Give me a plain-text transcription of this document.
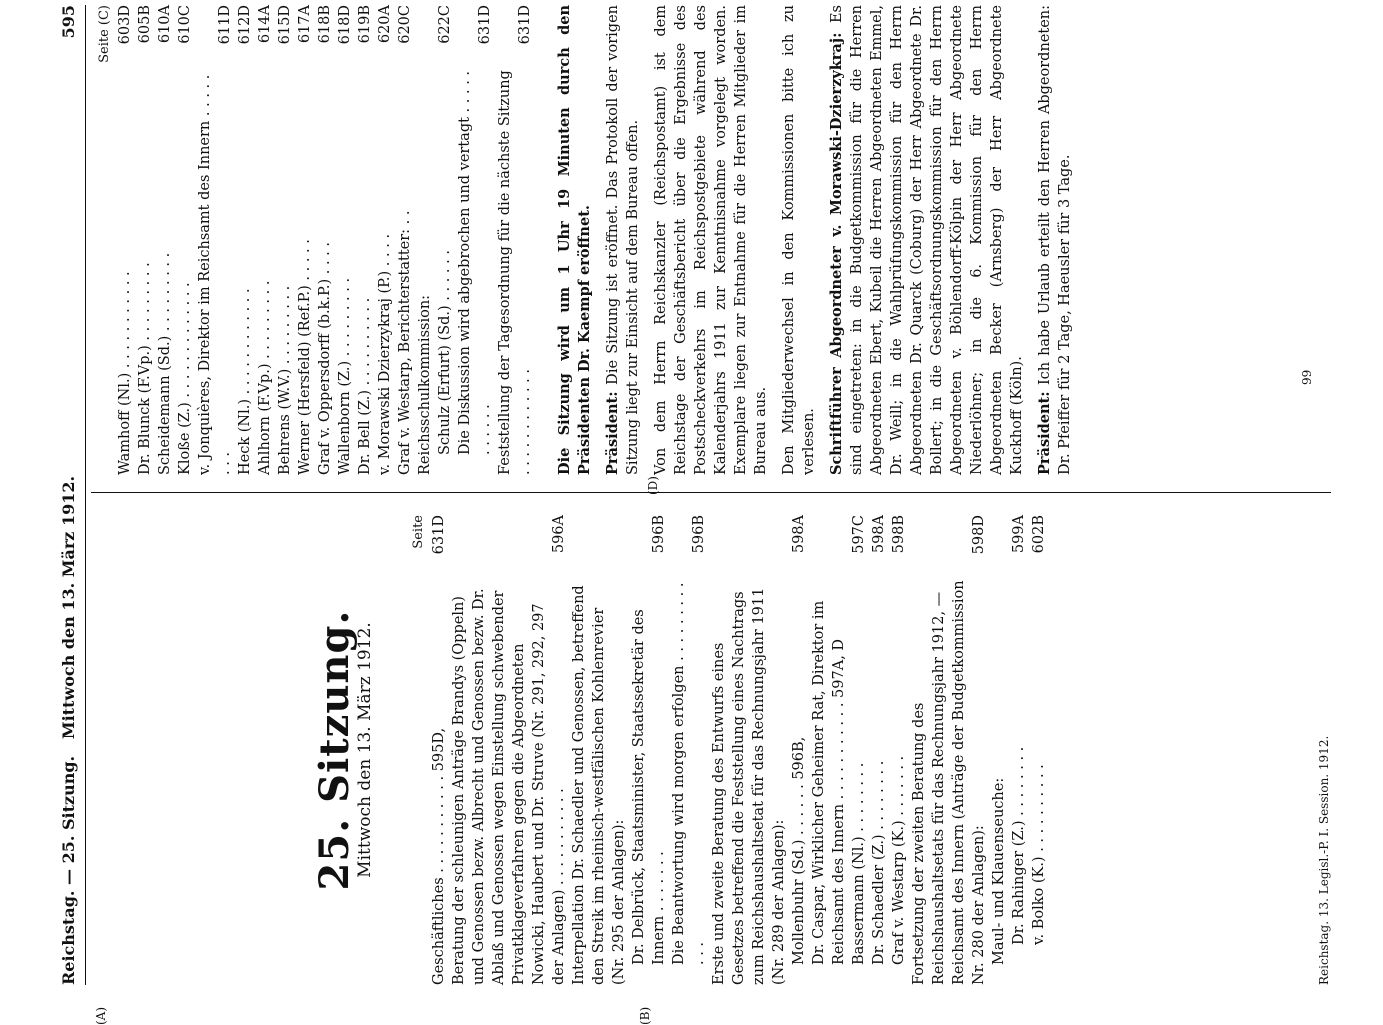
Reichstag. — 25. Sitzung.   Mittwoch den 13. März 1912.
595
(A)	(B)
25. Sitzung.
Mittwoch den 13. März 1912.
Seite
Geschäftliches . . . . . . . . . . . 595D,
631D
Beratung der schleunigen Anträge Brandys (Oppeln) und Genossen bezw. Albrecht und Genossen bezw. Dr. Ablaß und Genossen wegen Einstellung schwebender Privatklageverfahren gegen die Abgeordneten Nowicki, Haubert und Dr. Struve (Nr. 291, 292, 297 der Anlagen) . . . . . . . . . . .
596A
Interpellation Dr. Schaedler und Genossen, betreffend den Streik im rheinisch-westfälischen Kohlenrevier (Nr. 295 der Anlagen): Dr. Delbrück, Staatsminister, Staatssekretär des Innern . . . . . . .
596B
Die Beantwortung wird morgen erfolgen . . . . . . . . . . . .
596B
Erste und zweite Beratung des Entwurfs eines Gesetzes betreffend die Feststellung eines Nachtrags zum Reichshaushaltsetat für das Rechnungsjahr 1911 (Nr. 289 der Anlagen): Mollenbuhr (Sd.) . . . . . . 596B,
598A
Dr. Caspar, Wirklicher Geheimer Rat, Direktor im Reichsamt des Innern . . . . . . . . . . . 597A, D Bassermann (Nl.) . . . . . . . .
597C
Dr. Schaedler (Z.) . . . . . . . .
598A
Graf v. Westarp (K.) . . . . . . .
598B
Fortsetzung der zweiten Beratung des Reichshaushaltsetats für das Rechnungsjahr 1912, — Reichsamt des Innern (Anträge der Budgetkommission Nr. 280 der Anlagen):
598D
Maul- und Klauenseuche: Dr. Rahinger (Z.) . . . . . . . .
599A
v. Bolko (K.) . . . . . . . . . .
602B
Seite (C)
Wamhoff (Nl.) . . . . . . . . . . .
603D
Dr. Blunck (F.Vp.) . . . . . . . . .
605B
Scheidemann (Sd.) . . . . . . . . .
610A
Kloße (Z.) . . . . . . . . . . . . .
610C
v. Jonquières, Direktor im Reichsamt des Innern . . . . . . . .
611D
Heck (Nl.) . . . . . . . . . . . .
612D
Ahlhorn (F.Vp.) . . . . . . . . .
614A
Behrens (W.V.) . . . . . . . . .
615D
Werner (Hersfeld) (Ref.P.) . . . . .
617A
Graf v. Oppersdorff (b.k.P.) . . . .
618B
Wallenborn (Z.) . . . . . . . . .
618D
Dr. Bell (Z.) . . . . . . . . . .
619B
v. Morawski Dzierzykraj (P.) . . . .
620A
Graf v. Westarp, Berichterstatter: . .
620C
Reichsschulkommission: Schulz (Erfurt) (Sd.) . . . . . .
622C
Die Diskussion wird abgebrochen und vertagt . . . . . . . . . . .
631D
Feststellung der Tagesordnung für die nächste Sitzung . . . . . . . . . . . .
631D
(D)

Die Sitzung wird um 1 Uhr 19 Minuten durch den Präsidenten Dr. Kaempf eröffnet. Präsident: Die Sitzung ist eröffnet. Das Protokoll der vorigen Sitzung liegt zur Einsicht auf dem Bureau offen. Von dem Herrn Reichskanzler (Reichspostamt) ist dem Reichstage der Geschäftsbericht über die Ergebnisse des Postscheckverkehrs im Reichspostgebiete während des Kalenderjahrs 1911 zur Kenntnisnahme vorgelegt worden. Exemplare liegen zur Entnahme für die Herren Mitglieder im Bureau aus. Den Mitgliederwechsel in den Kommissionen bitte ich zu verlesen. Schriftführer Abgeordneter v. Morawski-Dzierzykraj: Es sind eingetreten: in die Budgetkommission für die Herren Abgeordneten Ebert, Kubeil die Herren Abgeordneten Emmel, Dr. Weill; in die Wahlprüfungskommission für den Herrn Abgeordneten Dr. Quarck (Coburg) der Herr Abgeordnete Dr. Bollert; in die Geschäftsordnungskommission für den Herrn Abgeordneten v. Böhlendorff-Kölpin der Herr Abgeordnete Niederlöhner; in die 6. Kommission für den Herrn Abgeordneten Becker (Arnsberg) der Herr Abgeordnete Kuckhoff (Köln). Präsident: Ich habe Urlaub erteilt den Herren Abgeordneten: Dr. Pfeiffer für 2 Tage, Haeusler für 3 Tage.

Reichstag. 13. Legisl.-P. I. Session. 1912.
99
